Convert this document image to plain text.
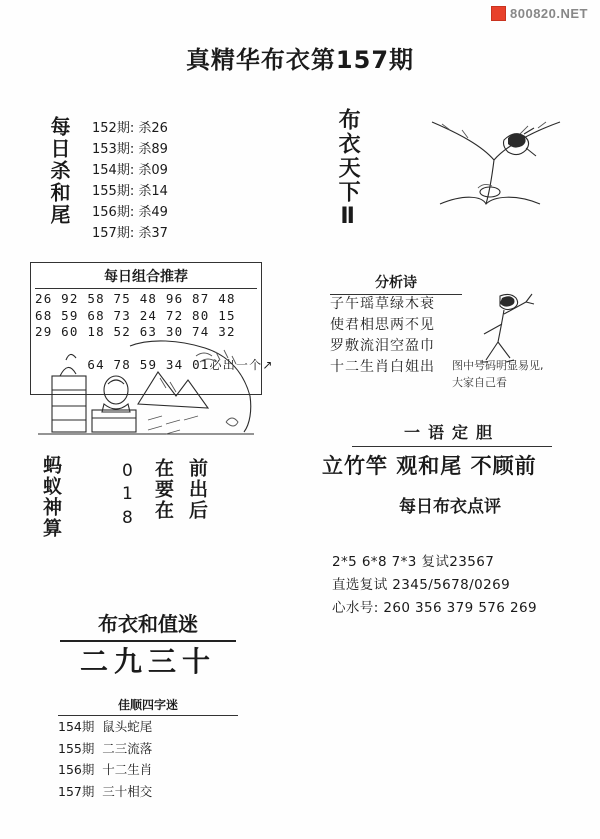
800820.NET
真精华布衣第157期
每日杀和尾 152期: 杀26
153期: 杀89
154期: 杀09
155期: 杀14
156期: 杀49
157期: 杀37
每日组合推荐
26 92 58 75 48 96 87 48
68 59 68 73 24 72 80 15
29 60 18 52 63 30 74 32

64 78 59 34 01必出一个↗

蚂蚁神算	0
1
8 在要在 前出后
布衣和值迷
二九三十
佳顺四字迷
154期  鼠头蛇尾
155期  二三流落
156期  十二生肖
157期  三十相交
布衣天下Ⅱ
分析诗
子午瑶草绿木衰
使君相思两不见
罗敷流泪空盈巾
十二生肖白姐出 图中号码明显易见,
大家自己看
一语定胆
立竹竿 观和尾 不顾前
每日布衣点评
2*5 6*8 7*3 复试23567
直选复试 2345/5678/0269
心水号: 260 356 379 576 269
